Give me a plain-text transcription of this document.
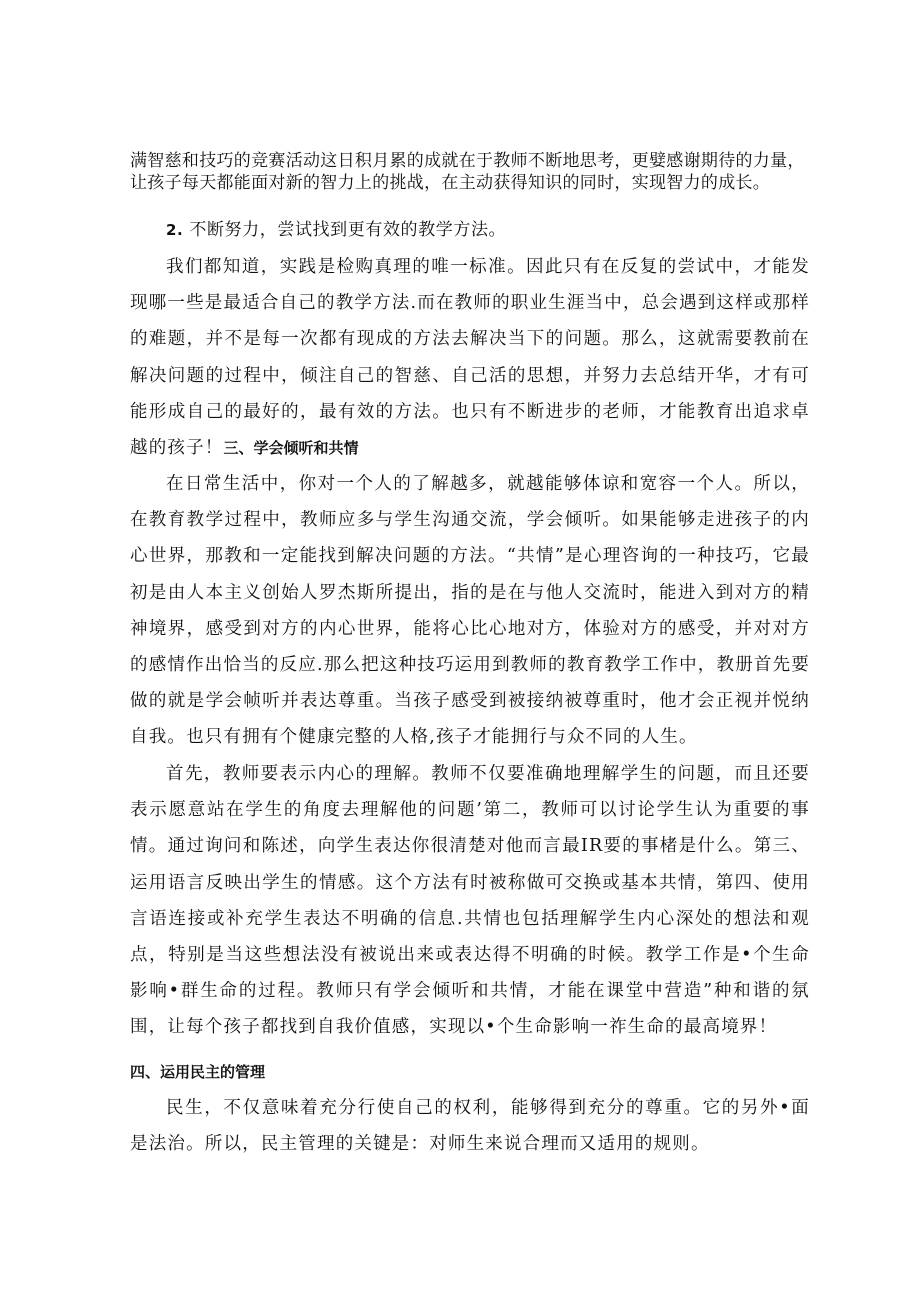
满智慈和技巧的竞赛活动这日积月累的成就在于教师不断地思考，更嬖感谢期待的力量，让孩子每天都能面对新的智力上的挑战，在主动获得知识的同时，实现智力的成长。

2. 不断努力，尝试找到更有效的教学方法。

我们都知道，实践是检购真理的唯一标准。因此只有在反复的尝试中，才能发现哪一些是最适合自己的教学方法.而在教师的职业生涯当中，总会遇到这样或那样的难题，并不是每一次都有现成的方法去解决当下的问题。那么，这就需要教前在解决问题的过程中，倾注自己的智慈、自己活的思想，并努力去总结开华，才有可能形成自己的最好的，最有效的方法。也只有不断进步的老师，才能教育出追求卓越的孩子！三、学会倾听和共情

在日常生活中，你对一个人的了解越多，就越能够体谅和宽容一个人。所以，在教育教学过程中，教师应多与学生沟通交流，学会倾听。如果能够走进孩子的内心世界，那教和一定能找到解决问题的方法。“共情”是心理咨询的一种技巧，它最初是由人本主义创始人罗杰斯所提出，指的是在与他人交流时，能进入到对方的精神境界，感受到对方的内心世界，能将心比心地对方，体验对方的感受，并对对方的感情作出恰当的反应.那么把这种技巧运用到教师的教育教学工作中，教册首先要做的就是学会帧听并表达尊重。当孩子感受到被接纳被尊重时，他才会正视并悦纳自我。也只有拥有个健康完整的人格,孩子才能拥行与众不同的人生。

首先，教师要表示内心的理解。教师不仅要准确地理解学生的问题，而且还要表示愿意站在学生的角度去理解他的问题’第二，教师可以讨论学生认为重要的事情。通过询问和陈述，向学生表达你很清楚对他而言最IR要的事楮是什么。第三、运用语言反映出学生的情感。这个方法有时被称做可交换或基本共情，第四、使用言语连接或补充学生表达不明确的信息.共情也包括理解学生内心深处的想法和观点，特别是当这些想法没有被说出来或表达得不明确的时候。教学工作是•个生命影响•群生命的过程。教师只有学会倾听和共情，才能在课堂中营造”种和谐的氛围，让每个孩子都找到自我价值感，实现以•个生命影响一祚生命的最高境界！

四、运用民主的管理

民生，不仅意味着充分行使自己的权利，能够得到充分的尊重。它的另外•面是法治。所以，民主管理的关键是：对师生来说合理而又适用的规则。
